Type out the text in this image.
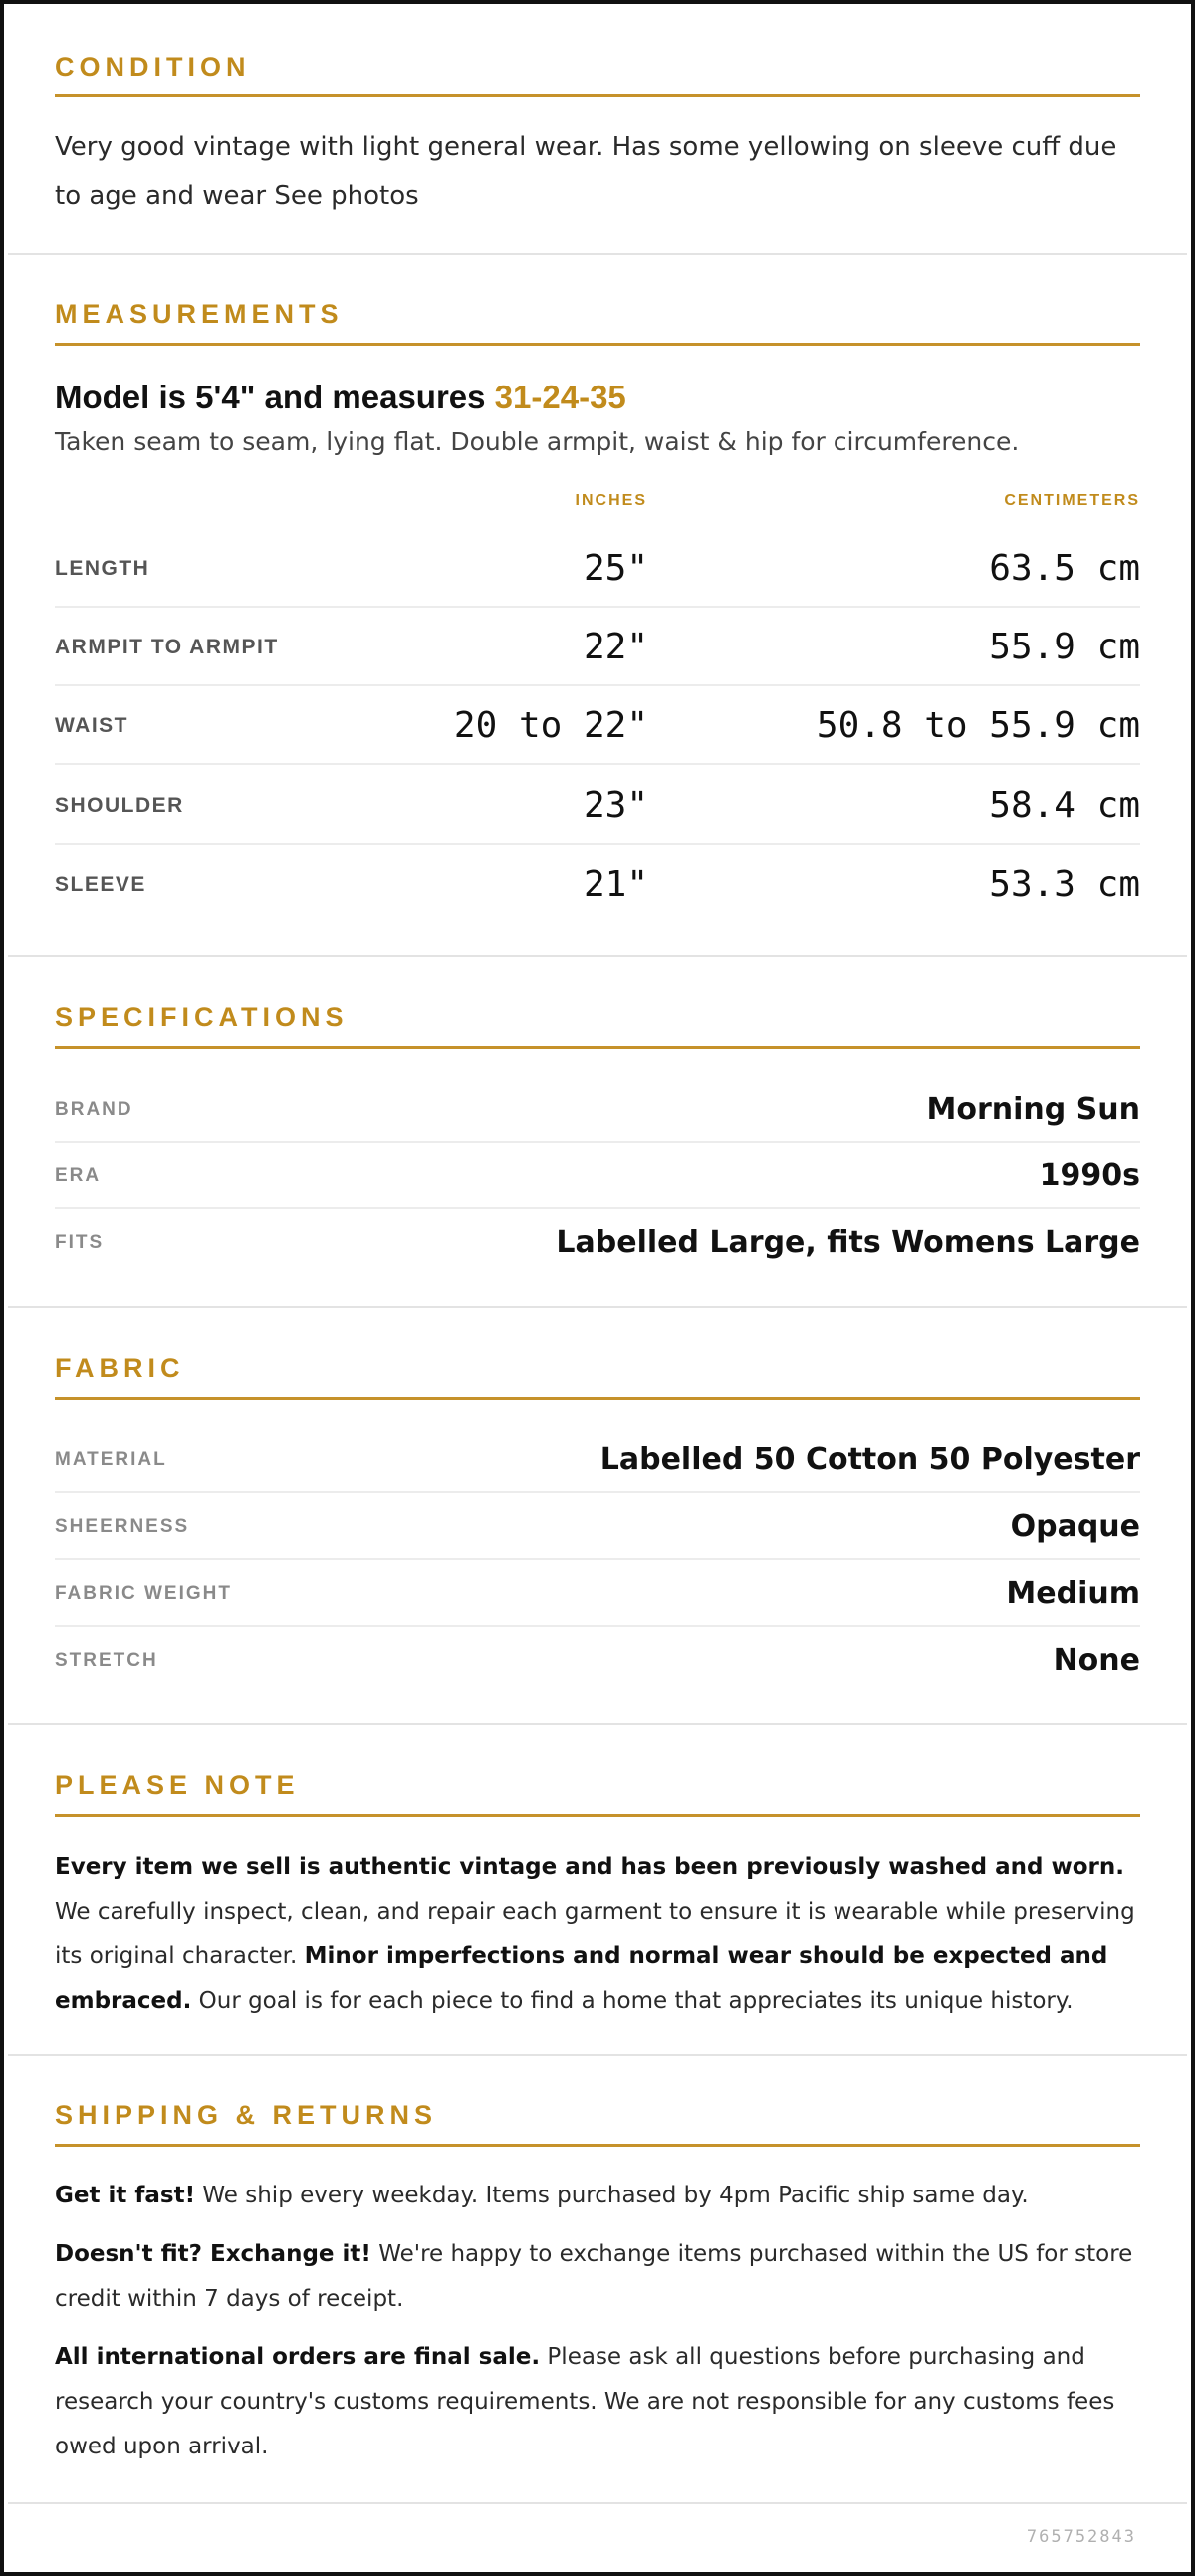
CONDITION

Very good vintage with light general wear. Has some yellowing on sleeve cuff due to age and wear See photos

MEASUREMENTS

Model is 5'4" and measures 31-24-35

Taken seam to seam, lying flat. Double armpit, waist & hip for circumference.

INCHES	CENTIMETERS
LENGTH	25"	63.5 cm
ARMPIT TO ARMPIT	22"	55.9 cm
WAIST	20 to 22"	50.8 to 55.9 cm
SHOULDER	23"	58.4 cm
SLEEVE	21"	53.3 cm
SPECIFICATIONS
BRAND	Morning Sun
ERA	1990s
FITS	Labelled Large, fits Womens Large
FABRIC
MATERIAL	Labelled 50 Cotton 50 Polyester
SHEERNESS	Opaque
FABRIC WEIGHT	Medium
STRETCH	None
PLEASE NOTE

Every item we sell is authentic vintage and has been previously washed and worn. We carefully inspect, clean, and repair each garment to ensure it is wearable while preserving its original character. Minor imperfections and normal wear should be expected and embraced. Our goal is for each piece to find a home that appreciates its unique history.

SHIPPING & RETURNS

Get it fast! We ship every weekday. Items purchased by 4pm Pacific ship same day.

Doesn't fit? Exchange it! We're happy to exchange items purchased within the US for store credit within 7 days of receipt.

All international orders are final sale. Please ask all questions before purchasing and research your country's customs requirements. We are not responsible for any customs fees owed upon arrival.

765752843
